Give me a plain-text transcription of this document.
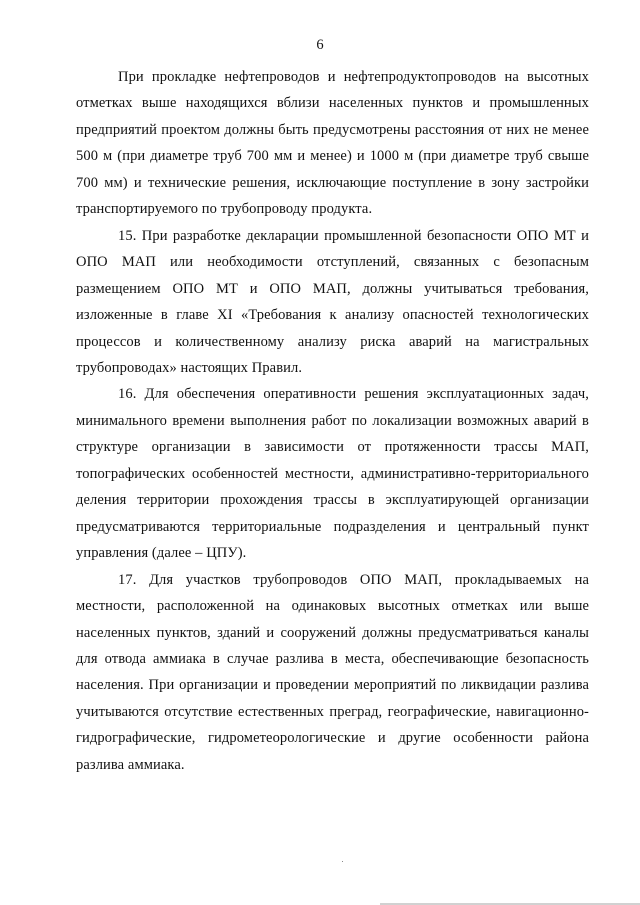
6

При прокладке нефтепроводов и нефтепродуктопроводов на высотных отметках выше находящихся вблизи населенных пунктов и промышленных предприятий проектом должны быть предусмотрены расстояния от них не менее 500 м (при диаметре труб 700 мм и менее) и 1000 м (при диаметре труб свыше 700 мм) и технические решения, исключающие поступление в зону застройки транспортируемого по трубопроводу продукта.

15. При разработке декларации промышленной безопасности ОПО МТ и ОПО МАП или необходимости отступлений, связанных с безопасным размещением ОПО МТ и ОПО МАП, должны учитываться требования, изложенные в главе XI «Требования к анализу опасностей технологических процессов и количественному анализу риска аварий на магистральных трубопроводах» настоящих Правил.

16. Для обеспечения оперативности решения эксплуатационных задач, минимального времени выполнения работ по локализации возможных аварий в структуре организации в зависимости от протяженности трассы МАП, топографических особенностей местности, административно-территориального деления территории прохождения трассы в эксплуатирующей организации предусматриваются территориальные подразделения и центральный пункт управления (далее – ЦПУ).

17. Для участков трубопроводов ОПО МАП, прокладываемых на местности, расположенной на одинаковых высотных отметках или выше населенных пунктов, зданий и сооружений должны предусматриваться каналы для отвода аммиака в случае разлива в места, обеспечивающие безопасность населения. При организации и проведении мероприятий по ликвидации разлива учитываются отсутствие естественных преград, географические, навигационно-гидрографические, гидрометеорологические и другие особенности района разлива аммиака.
